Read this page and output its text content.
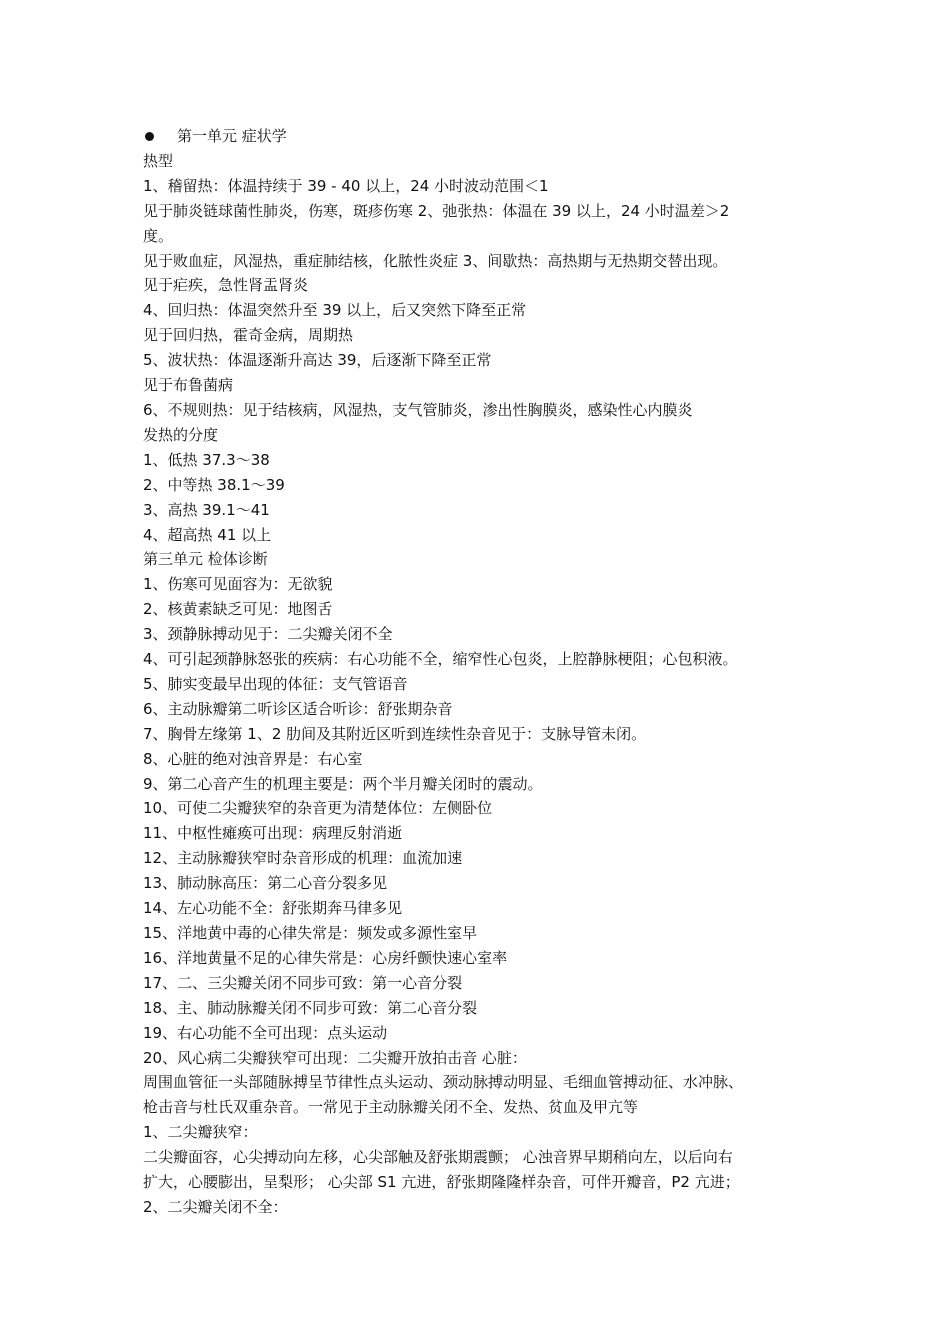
第一单元 症状学
热型
1、稽留热：体温持续于 39 - 40 以上，24 小时波动范围＜1
见于肺炎链球菌性肺炎，伤寒，斑疹伤寒 2、弛张热：体温在 39 以上，24 小时温差＞2
度。
见于败血症，风湿热，重症肺结核，化脓性炎症 3、间歇热：高热期与无热期交替出现。
见于疟疾，急性肾盂肾炎
4、回归热：体温突然升至 39 以上，后又突然下降至正常
见于回归热，霍奇金病，周期热
5、波状热：体温逐渐升高达 39，后逐渐下降至正常
见于布鲁菌病
6、不规则热：见于结核病，风湿热，支气管肺炎，渗出性胸膜炎，感染性心内膜炎
发热的分度
1、低热 37.3～38
2、中等热 38.1～39
3、高热 39.1～41
4、超高热 41 以上
第三单元 检体诊断
1、伤寒可见面容为：无欲貌
2、核黄素缺乏可见：地图舌
3、颈静脉搏动见于：二尖瓣关闭不全
4、可引起颈静脉怒张的疾病：右心功能不全，缩窄性心包炎，上腔静脉梗阻；心包积液。
5、肺实变最早出现的体征：支气管语音
6、主动脉瓣第二听诊区适合听诊：舒张期杂音
7、胸骨左缘第 1、2 肋间及其附近区听到连续性杂音见于：支脉导管未闭。
8、心脏的绝对浊音界是：右心室
9、第二心音产生的机理主要是：两个半月瓣关闭时的震动。
10、可使二尖瓣狭窄的杂音更为清楚体位：左侧卧位
11、中枢性瘫痪可出现：病理反射消逝
12、主动脉瓣狭窄时杂音形成的机理：血流加速
13、肺动脉高压：第二心音分裂多见
14、左心功能不全：舒张期奔马律多见
15、洋地黄中毒的心律失常是：频发或多源性室早
16、洋地黄量不足的心律失常是：心房纤颤快速心室率
17、二、三尖瓣关闭不同步可致：第一心音分裂
18、主、肺动脉瓣关闭不同步可致：第二心音分裂
19、右心功能不全可出现：点头运动
20、风心病二尖瓣狭窄可出现：二尖瓣开放拍击音 心脏：
周围血管征一头部随脉搏呈节律性点头运动、颈动脉搏动明显、毛细血管搏动征、水冲脉、
枪击音与杜氏双重杂音。一常见于主动脉瓣关闭不全、发热、贫血及甲亢等
1、二尖瓣狭窄：
二尖瓣面容，心尖搏动向左移，心尖部触及舒张期震颤； 心浊音界早期稍向左，以后向右
扩大，心腰膨出，呈梨形； 心尖部 S1 亢进，舒张期隆隆样杂音，可伴开瓣音，P2 亢进；
2、二尖瓣关闭不全：
